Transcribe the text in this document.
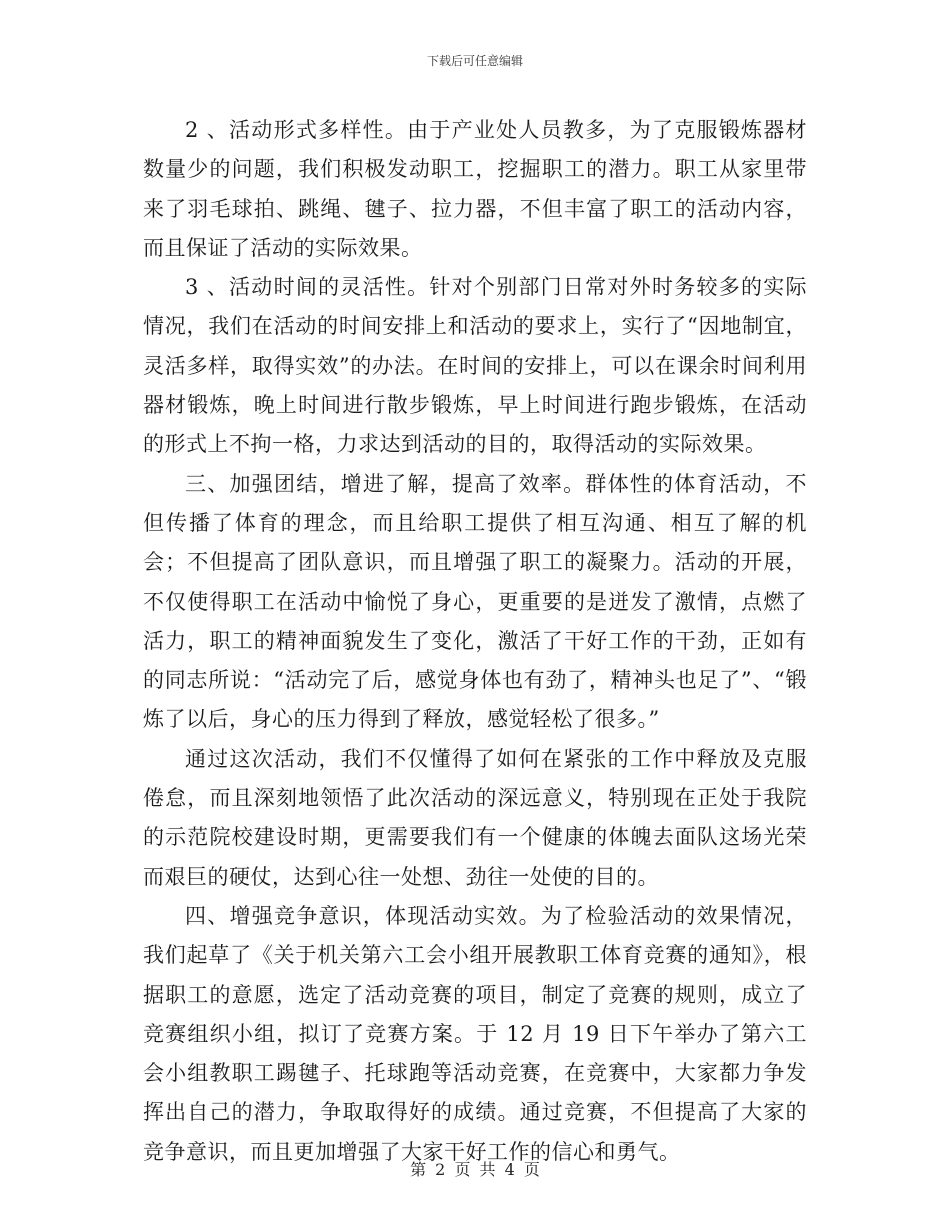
下载后可任意编辑

2 、活动形式多样性。由于产业处人员教多，为了克服锻炼器材数量少的问题，我们积极发动职工，挖掘职工的潜力。职工从家里带来了羽毛球拍、跳绳、毽子、拉力器，不但丰富了职工的活动内容，而且保证了活动的实际效果。

3 、活动时间的灵活性。针对个别部门日常对外时务较多的实际情况，我们在活动的时间安排上和活动的要求上，实行了“因地制宜，灵活多样，取得实效”的办法。在时间的安排上，可以在课余时间利用器材锻炼，晚上时间进行散步锻炼，早上时间进行跑步锻炼，在活动的形式上不拘一格，力求达到活动的目的，取得活动的实际效果。

三、加强团结，增进了解，提高了效率。群体性的体育活动，不但传播了体育的理念，而且给职工提供了相互沟通、相互了解的机会；不但提高了团队意识，而且增强了职工的凝聚力。活动的开展，不仅使得职工在活动中愉悦了身心，更重要的是迸发了激情，点燃了活力，职工的精神面貌发生了变化，激活了干好工作的干劲，正如有的同志所说：“活动完了后，感觉身体也有劲了，精神头也足了”、“锻炼了以后，身心的压力得到了释放，感觉轻松了很多。”

通过这次活动，我们不仅懂得了如何在紧张的工作中释放及克服倦怠，而且深刻地领悟了此次活动的深远意义，特别现在正处于我院的示范院校建设时期，更需要我们有一个健康的体魄去面队这场光荣而艰巨的硬仗，达到心往一处想、劲往一处使的目的。

四、增强竞争意识，体现活动实效。为了检验活动的效果情况，我们起草了《关于机关第六工会小组开展教职工体育竞赛的通知》，根据职工的意愿，选定了活动竞赛的项目，制定了竞赛的规则，成立了竞赛组织小组，拟订了竞赛方案。于 12 月 19 日下午举办了第六工会小组教职工踢毽子、托球跑等活动竞赛，在竞赛中，大家都力争发挥出自己的潜力，争取取得好的成绩。通过竞赛，不但提高了大家的竞争意识，而且更加增强了大家干好工作的信心和勇气。

第 2 页 共 4 页
